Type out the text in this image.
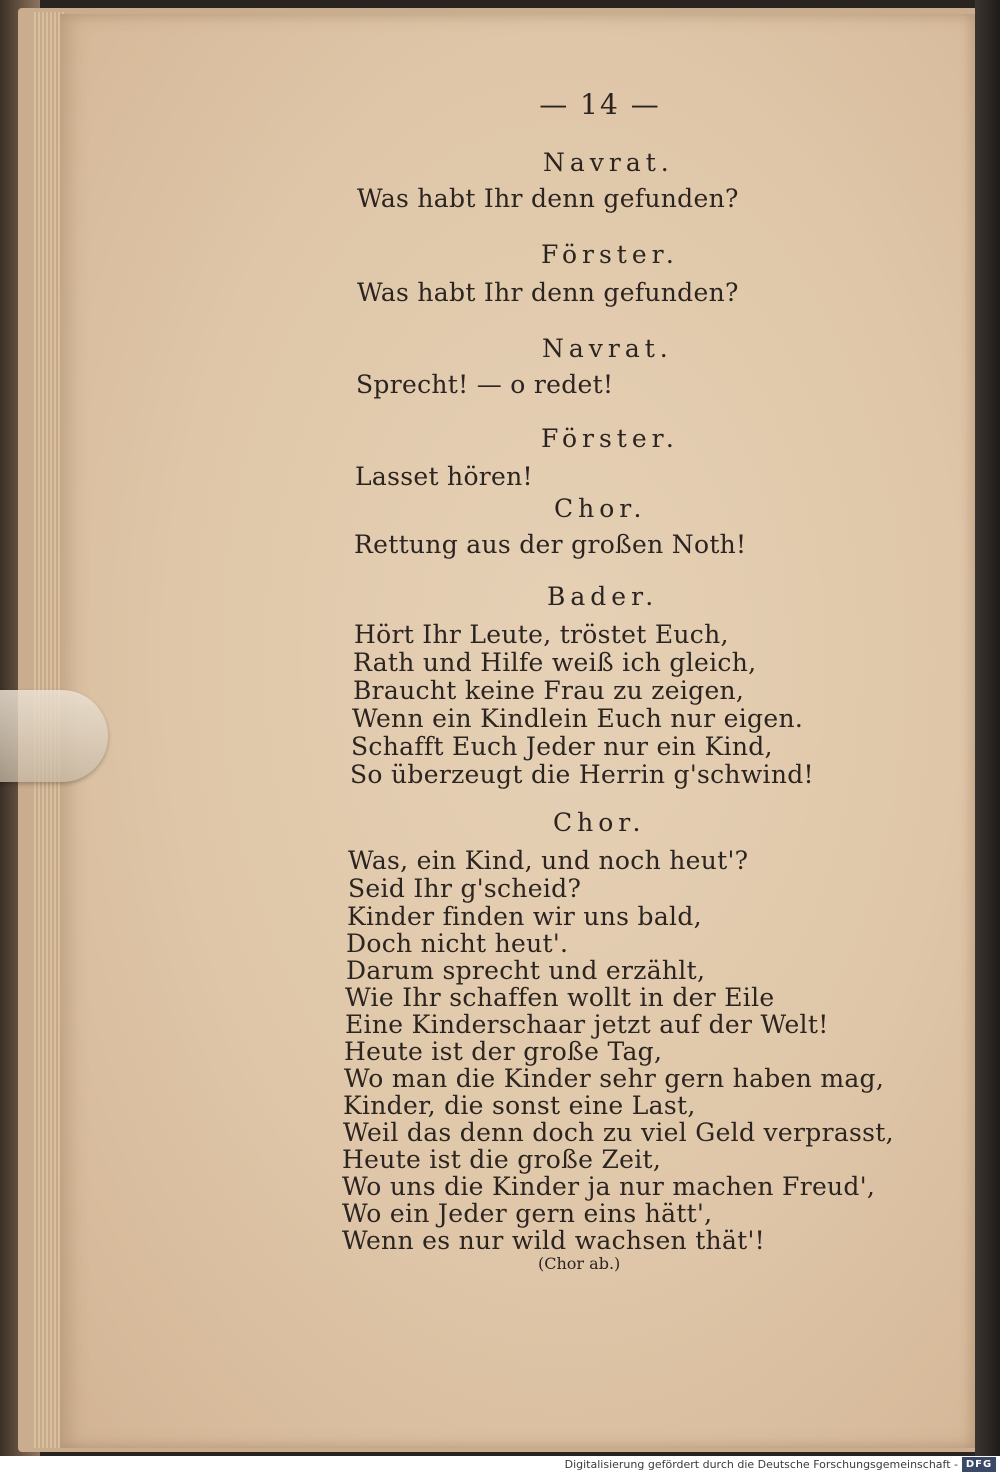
— 14 —
Navrat.
Was habt Ihr denn gefunden?
Förster.
Was habt Ihr denn gefunden?
Navrat.
Sprecht! — o redet!
Förster.
Lasset hören!
Chor.
Rettung aus der großen Noth!
Bader.
Hört Ihr Leute, tröstet Euch,
Rath und Hilfe weiß ich gleich,
Braucht keine Frau zu zeigen,
Wenn ein Kindlein Euch nur eigen.
Schafft Euch Jeder nur ein Kind,
So überzeugt die Herrin g'schwind!
Chor.
Was, ein Kind, und noch heut'?
Seid Ihr g'scheid?
Kinder finden wir uns bald,
Doch nicht heut'.
Darum sprecht und erzählt,
Wie Ihr schaffen wollt in der Eile
Eine Kinderschaar jetzt auf der Welt!
Heute ist der große Tag,
Wo man die Kinder sehr gern haben mag,
Kinder, die sonst eine Last,
Weil das denn doch zu viel Geld verprasst,
Heute ist die große Zeit,
Wo uns die Kinder ja nur machen Freud',
Wo ein Jeder gern eins hätt',
Wenn es nur wild wachsen thät'!
(Chor ab.)
Digitalisierung gefördert durch die Deutsche Forschungsgemeinschaft - DFG
